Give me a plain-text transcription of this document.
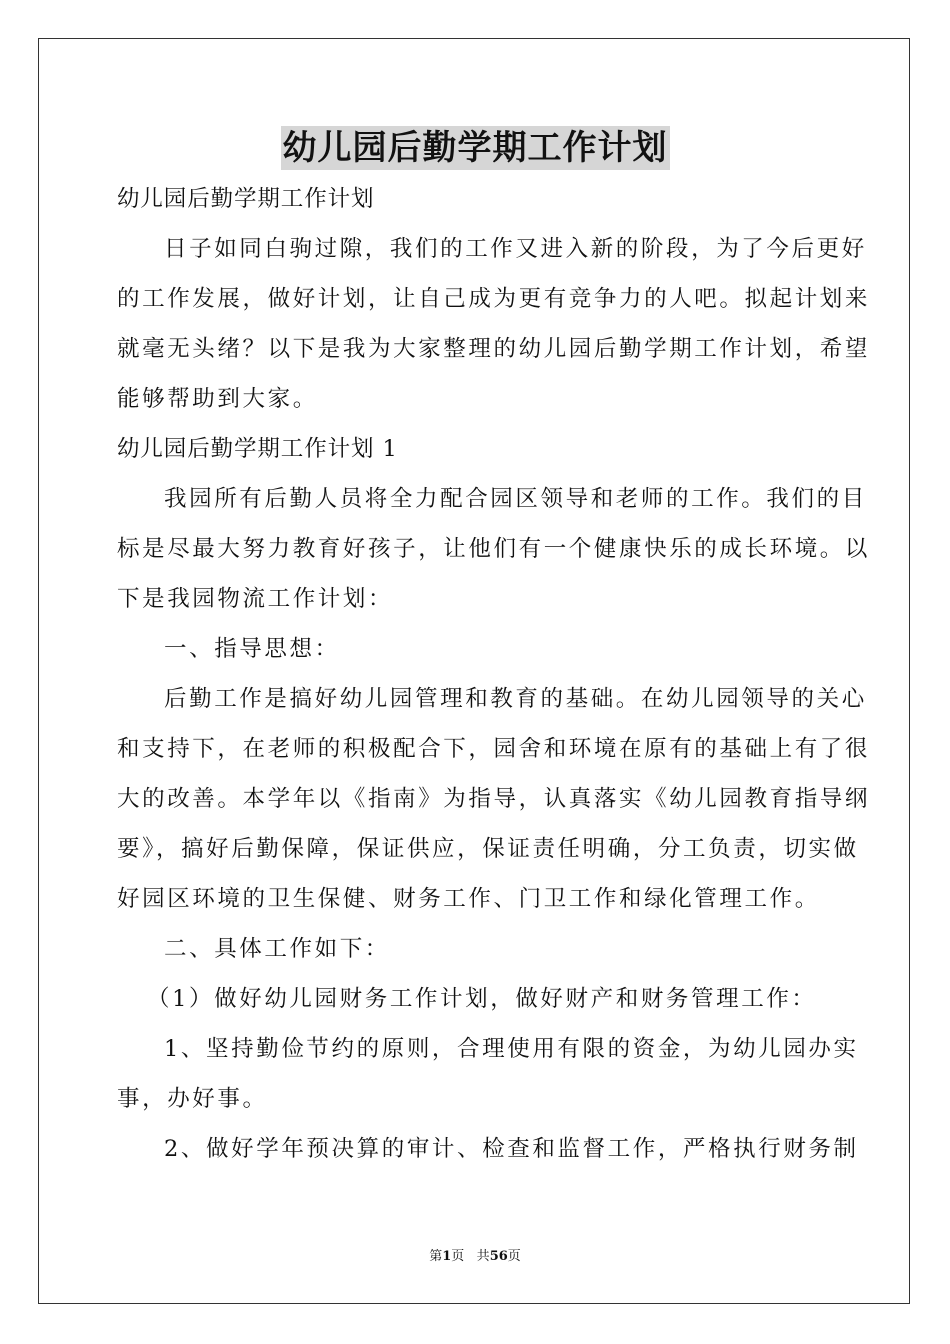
幼儿园后勤学期工作计划
幼儿园后勤学期工作计划
日子如同白驹过隙，我们的工作又进入新的阶段，为了今后更好
的工作发展，做好计划，让自己成为更有竞争力的人吧。拟起计划来
就毫无头绪？以下是我为大家整理的幼儿园后勤学期工作计划，希望
能够帮助到大家。
幼儿园后勤学期工作计划 1
我园所有后勤人员将全力配合园区领导和老师的工作。我们的目
标是尽最大努力教育好孩子，让他们有一个健康快乐的成长环境。以
下是我园物流工作计划：
一、指导思想：
后勤工作是搞好幼儿园管理和教育的基础。在幼儿园领导的关心
和支持下，在老师的积极配合下，园舍和环境在原有的基础上有了很
大的改善。本学年以《指南》为指导，认真落实《幼儿园教育指导纲
要》，搞好后勤保障，保证供应，保证责任明确，分工负责，切实做
好园区环境的卫生保健、财务工作、门卫工作和绿化管理工作。
二、具体工作如下：
（1）做好幼儿园财务工作计划，做好财产和财务管理工作：
1、坚持勤俭节约的原则，合理使用有限的资金，为幼儿园办实
事，办好事。
2、做好学年预决算的审计、检查和监督工作，严格执行财务制
第1页 共56页
